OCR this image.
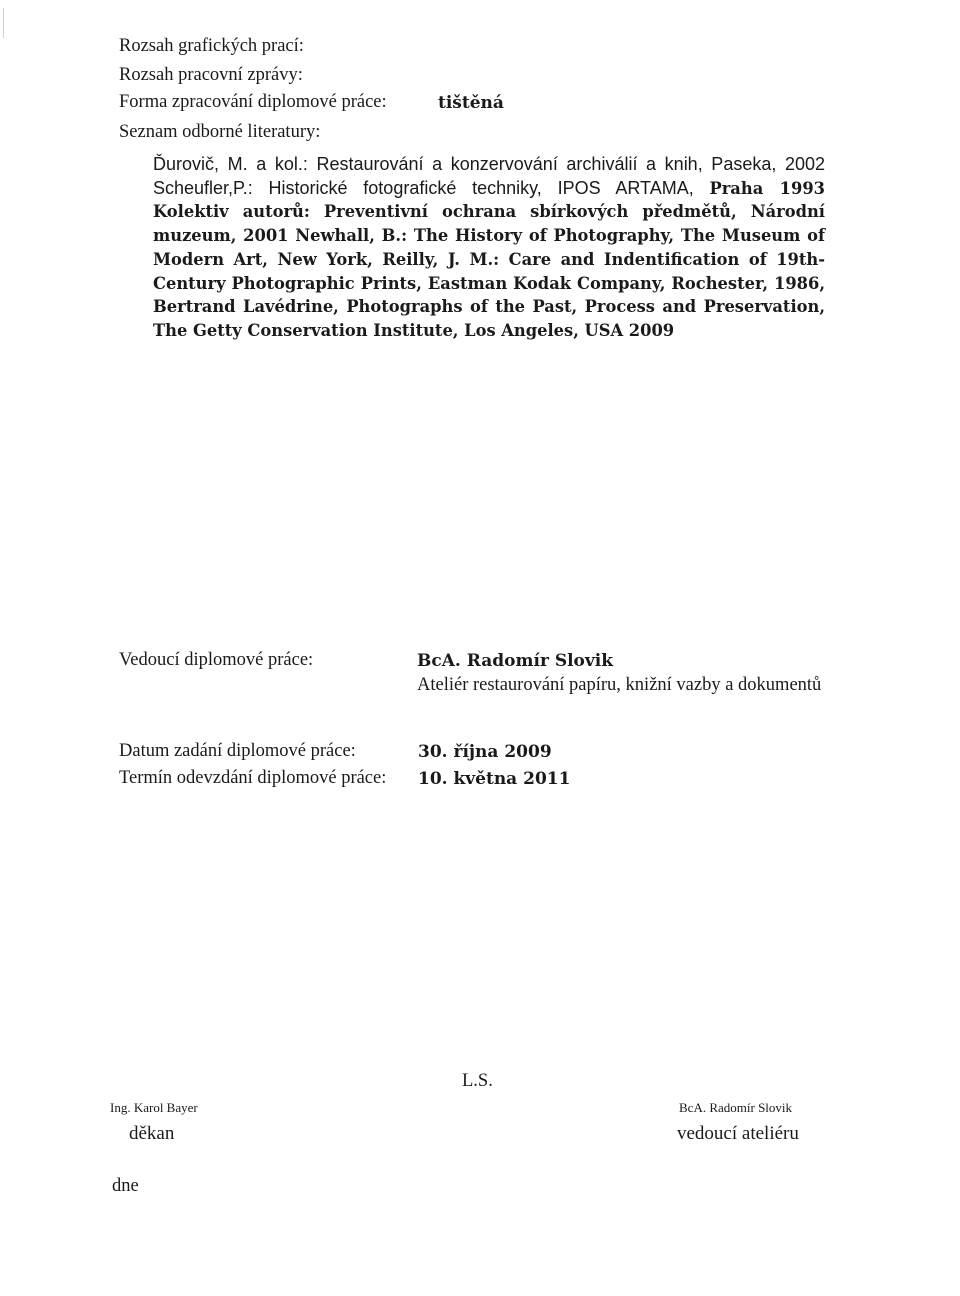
Rozsah grafických prací:
Rozsah pracovní zprávy:
Forma zpracování diplomové práce:	tištěná
Seznam odborné literatury:
Ďurovič, M. a kol.: Restaurování a konzervování archiválií a knih, Paseka, 2002 Scheufler,P.: Historické fotografické techniky, IPOS ARTAMA, Praha 1993 Kolektiv autorů: Preventivní ochrana sbírkových předmětů, Národní muzeum, 2001 Newhall, B.: The History of Photography, The Museum of Modern Art, New York, Reilly, J. M.: Care and Indentification of 19th-Century Photographic Prints, Eastman Kodak Company, Rochester, 1986, Bertrand Lavédrine, Photographs of the Past, Process and Preservation, The Getty Conservation Institute, Los Angeles, USA 2009
Vedoucí diplomové práce:	BcA. Radomír Slovik
Ateliér restaurování papíru, knižní vazby a dokumentů
Datum zadání diplomové práce:	30. října 2009
Termín odevzdání diplomové práce: 10. května 2011
L.S.
Ing. Karol Bayer
děkan
BcA. Radomír Slovik
vedoucí ateliéru
dne
